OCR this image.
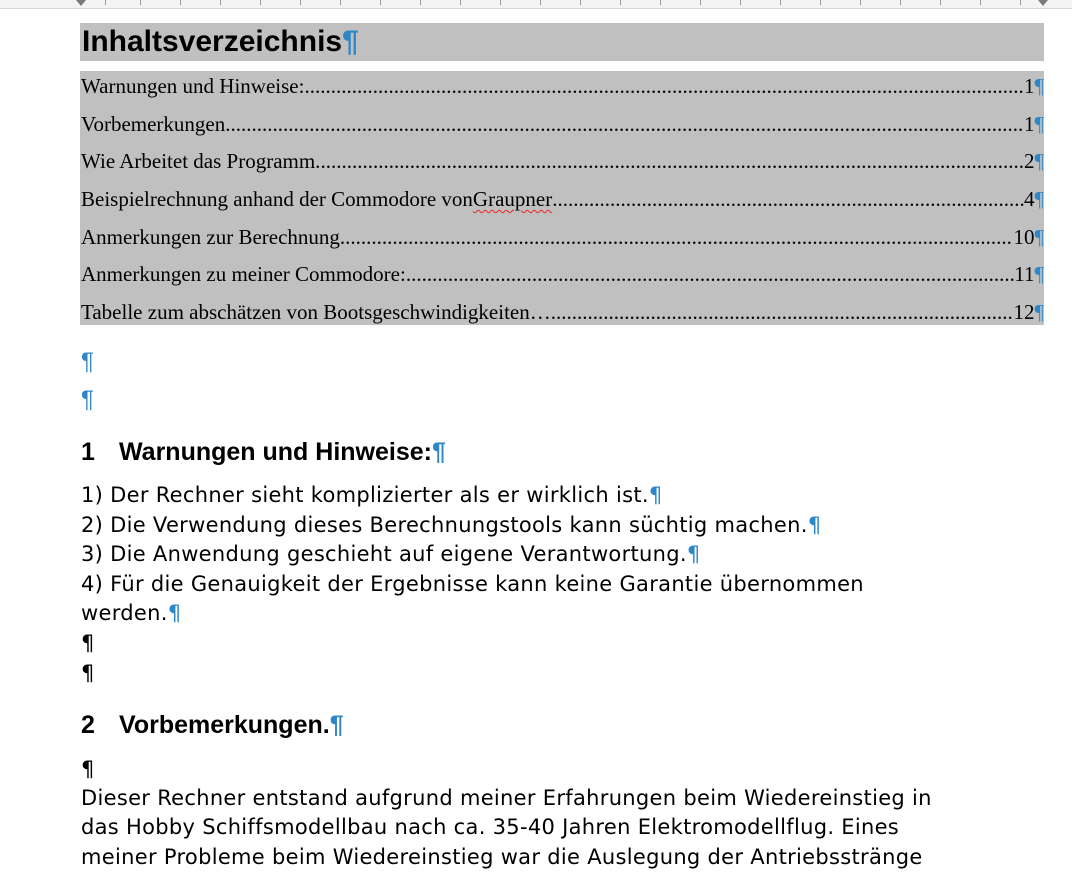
Inhaltsverzeichnis¶
Warnungen und Hinweise: .....	1 ¶
Vorbemerkungen. .....	1 ¶
Wie Arbeitet das Programm. .....	2 ¶
Beispielrechnung anhand der Commodore von Graupner .....	4 ¶
Anmerkungen zur Berechnung. .....	10 ¶
Anmerkungen zu meiner Commodore: .....	11 ¶
Tabelle zum abschätzen von Bootsgeschwindigkeiten… .....	12 ¶
¶
¶
1 Warnungen und Hinweise:¶
1) Der Rechner sieht komplizierter als er wirklich ist.¶
2) Die Verwendung dieses Berechnungstools kann süchtig machen.¶
3) Die Anwendung geschieht auf eigene Verantwortung.¶
4) Für die Genauigkeit der Ergebnisse kann keine Garantie übernommen
werden.¶
¶
¶
2 Vorbemerkungen.¶
¶
Dieser Rechner entstand aufgrund meiner Erfahrungen beim Wiedereinstieg in
das Hobby Schiffsmodellbau nach ca. 35-40 Jahren Elektromodellflug. Eines
meiner Probleme beim Wiedereinstieg war die Auslegung der Antriebsstränge
